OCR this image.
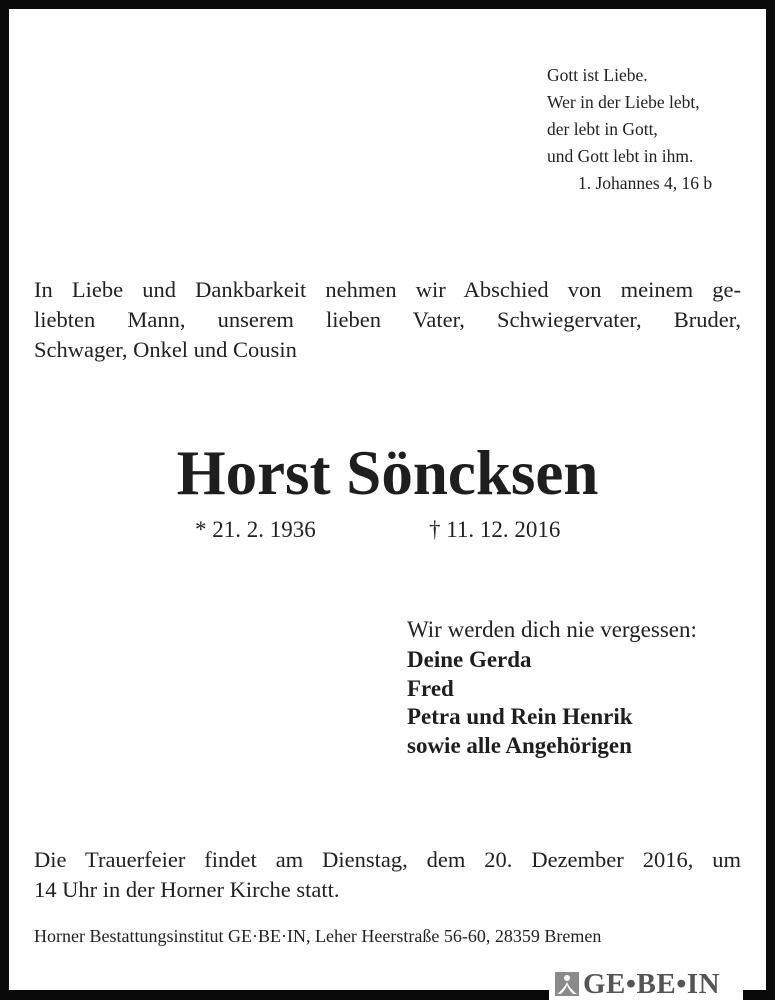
Gott ist Liebe.
Wer in der Liebe lebt,
der lebt in Gott,
und Gott lebt in ihm.
1. Johannes 4, 16 b
In Liebe und Dankbarkeit nehmen wir Abschied von meinem ge-
liebten Mann, unserem lieben Vater, Schwiegervater, Bruder,
Schwager, Onkel und Cousin
Horst Söncksen
* 21. 2. 1936	† 11. 12. 2016
Wir werden dich nie vergessen:
Deine Gerda
Fred
Petra und Rein Henrik
sowie alle Angehörigen
Die Trauerfeier findet am Dienstag, dem 20. Dezember 2016, um
14 Uhr in der Horner Kirche statt.
Horner Bestattungsinstitut GE·BE·IN, Leher Heerstraße 56-60, 28359 Bremen
GE•BE•IN
